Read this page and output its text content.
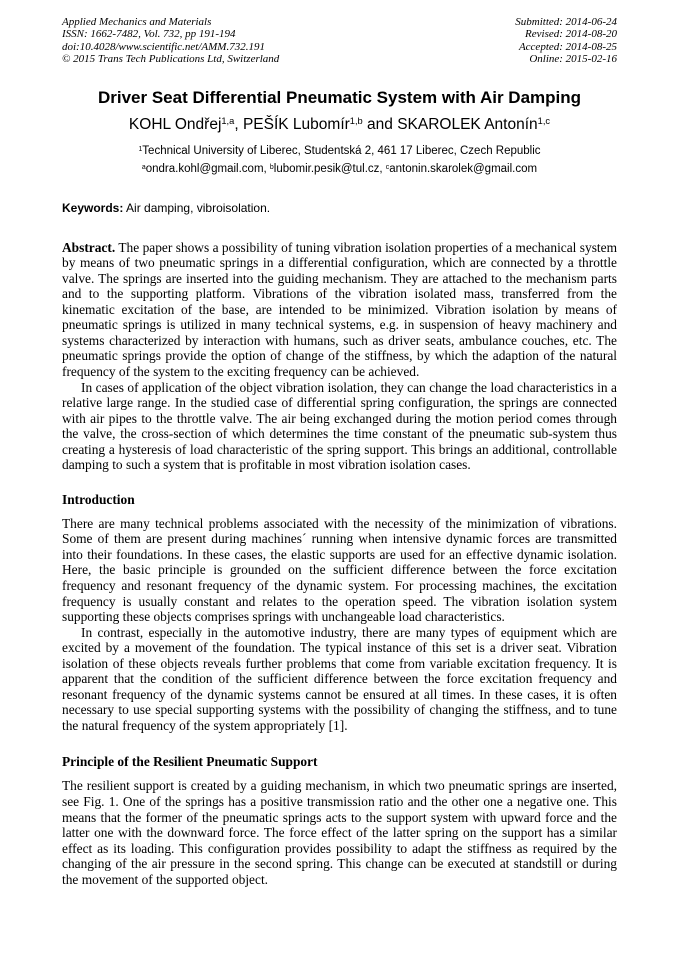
Applied Mechanics and Materials
ISSN: 1662-7482, Vol. 732, pp 191-194
doi:10.4028/www.scientific.net/AMM.732.191
© 2015 Trans Tech Publications Ltd, Switzerland
Submitted: 2014-06-24
Revised: 2014-08-20
Accepted: 2014-08-25
Online: 2015-02-16
Driver Seat Differential Pneumatic System with Air Damping
KOHL Ondřej$^{1,a}$, PEŠÍK Lubomír$^{1,b}$ and SKAROLEK Antonín$^{1,c}$
$^1$Technical University of Liberec, Studentská 2, 461 17 Liberec, Czech Republic
$^a$ondra.kohl@gmail.com, $^b$lubomir.pesik@tul.cz, $^c$antonin.skarolek@gmail.com
Keywords: Air damping, vibroisolation.

Abstract. The paper shows a possibility of tuning vibration isolation properties of a mechanical system by means of two pneumatic springs in a differential configuration, which are connected by a throttle valve. The springs are inserted into the guiding mechanism. They are attached to the mechanism parts and to the supporting platform. Vibrations of the vibration isolated mass, transferred from the kinematic excitation of the base, are intended to be minimized. Vibration isolation by means of pneumatic springs is utilized in many technical systems, e.g. in suspension of heavy machinery and systems characterized by interaction with humans, such as driver seats, ambulance couches, etc. The pneumatic springs provide the option of change of the stiffness, by which the adaption of the natural frequency of the system to the exciting frequency can be achieved.

In cases of application of the object vibration isolation, they can change the load characteristics in a relative large range. In the studied case of differential spring configuration, the springs are connected with air pipes to the throttle valve. The air being exchanged during the motion period comes through the valve, the cross-section of which determines the time constant of the pneumatic sub-system thus creating a hysteresis of load characteristic of the spring support. This brings an additional, controllable damping to such a system that is profitable in most vibration isolation cases.

Introduction

There are many technical problems associated with the necessity of the minimization of vibrations. Some of them are present during machines´ running when intensive dynamic forces are transmitted into their foundations. In these cases, the elastic supports are used for an effective dynamic isolation. Here, the basic principle is grounded on the sufficient difference between the force excitation frequency and resonant frequency of the dynamic system. For processing machines, the excitation frequency is usually constant and relates to the operation speed. The vibration isolation system supporting these objects comprises springs with unchangeable load characteristics.

In contrast, especially in the automotive industry, there are many types of equipment which are excited by a movement of the foundation. The typical instance of this set is a driver seat. Vibration isolation of these objects reveals further problems that come from variable excitation frequency. It is apparent that the condition of the sufficient difference between the force excitation frequency and resonant frequency of the dynamic systems cannot be ensured at all times. In these cases, it is often necessary to use special supporting systems with the possibility of changing the stiffness, and to tune the natural frequency of the system appropriately [1].

Principle of the Resilient Pneumatic Support

The resilient support is created by a guiding mechanism, in which two pneumatic springs are inserted, see Fig. 1. One of the springs has a positive transmission ratio and the other one a negative one. This means that the former of the pneumatic springs acts to the support system with upward force and the latter one with the downward force. The force effect of the latter spring on the support has a similar effect as its loading. This configuration provides possibility to adapt the stiffness as required by the changing of the air pressure in the second spring. This change can be executed at standstill or during the movement of the supported object.
